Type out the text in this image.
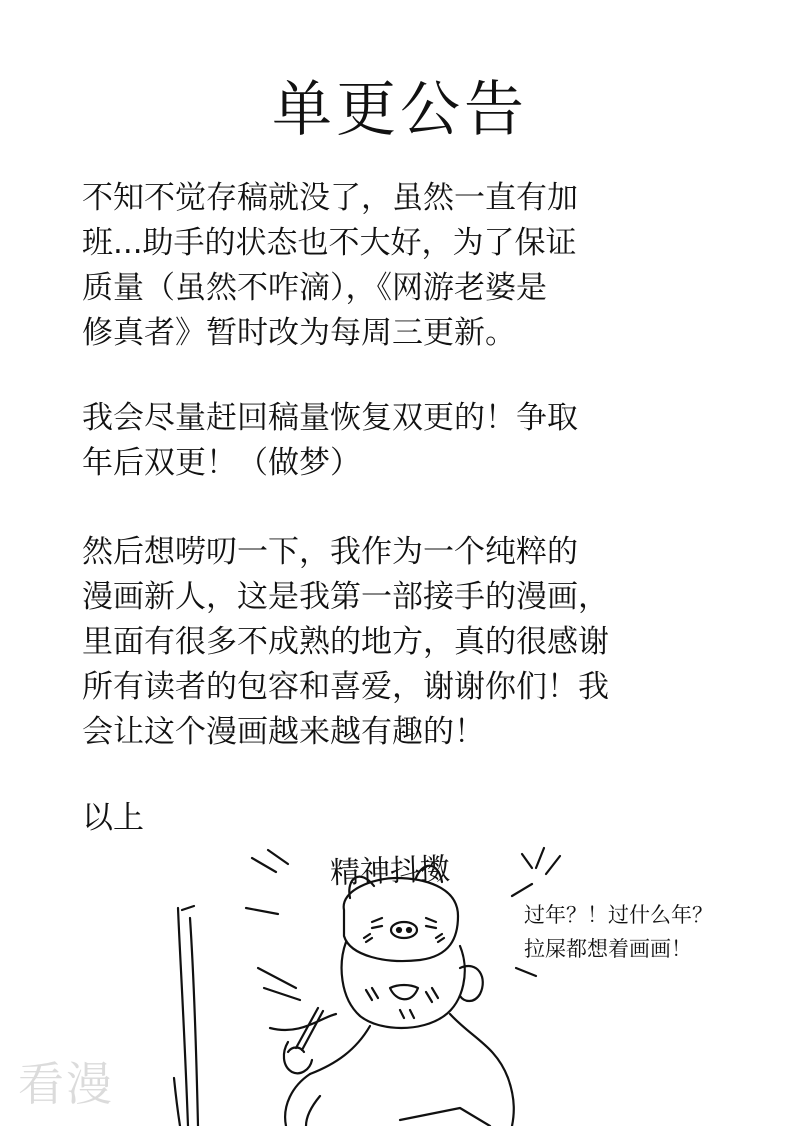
单更公告

不知不觉存稿就没了，虽然一直有加
班...助手的状态也不大好，为了保证
质量（虽然不咋滴），《网游老婆是
修真者》暂时改为每周三更新。

我会尽量赶回稿量恢复双更的！争取
年后双更！（做梦）

然后想唠叨一下，我作为一个纯粹的
漫画新人，这是我第一部接手的漫画，
里面有很多不成熟的地方，真的很感谢
所有读者的包容和喜爱，谢谢你们！我
会让这个漫画越来越有趣的！

以上

精神抖擞
过年？！过什么年？
拉屎都想着画画！
看漫
